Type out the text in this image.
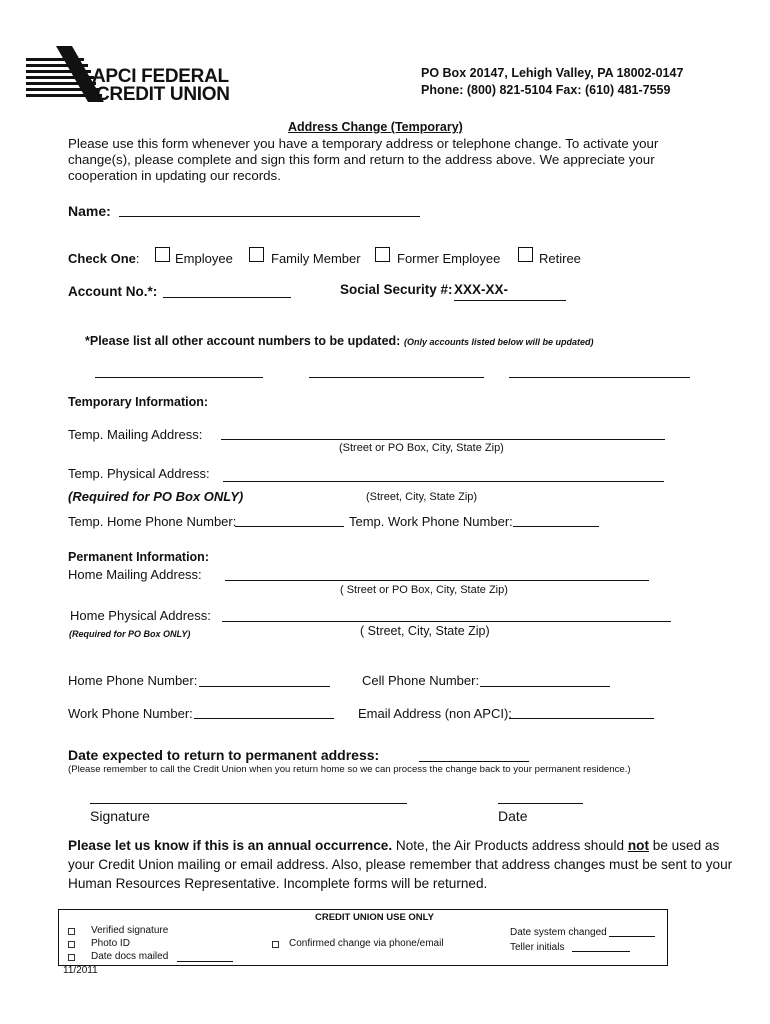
APCI FEDERAL
CREDIT UNION
PO Box 20147, Lehigh Valley, PA 18002-0147
Phone: (800) 821-5104 Fax: (610) 481-7559
Address Change (Temporary)
Please use this form whenever you have a temporary address or telephone change. To activate your
change(s), please complete and sign this form and return to the address above. We appreciate your
cooperation in updating our records.
Name:
Check One:	Employee	Family Member	Former Employee	Retiree
Account No.*:	Social Security #: XXX-XX-
*Please list all other account numbers to be updated: (Only accounts listed below will be updated)
Temporary Information:
Temp. Mailing Address:
(Street or PO Box, City, State Zip)
Temp. Physical Address:
(Required for PO Box ONLY)	(Street, City, State Zip)
Temp. Home Phone Number:	Temp. Work Phone Number:
Permanent Information:
Home Mailing Address:
( Street or PO Box, City, State Zip)
Home Physical Address:
(Required for PO Box ONLY)	( Street, City, State Zip)
Home Phone Number:	Cell Phone Number:
Work Phone Number:	Email Address (non APCI):
Date expected to return to permanent address:
(Please remember to call the Credit Union when you return home so we can process the change back to your permanent residence.)
Signature	Date
Please let us know if this is an annual occurrence. Note, the Air Products address should not be used as
your Credit Union mailing or email address. Also, please remember that address changes must be sent to your
Human Resources Representative. Incomplete forms will be returned.
CREDIT UNION USE ONLY
Verified signature
Photo ID
Date docs mailed
Confirmed change via phone/email
Date system changed
Teller initials
11/2011
